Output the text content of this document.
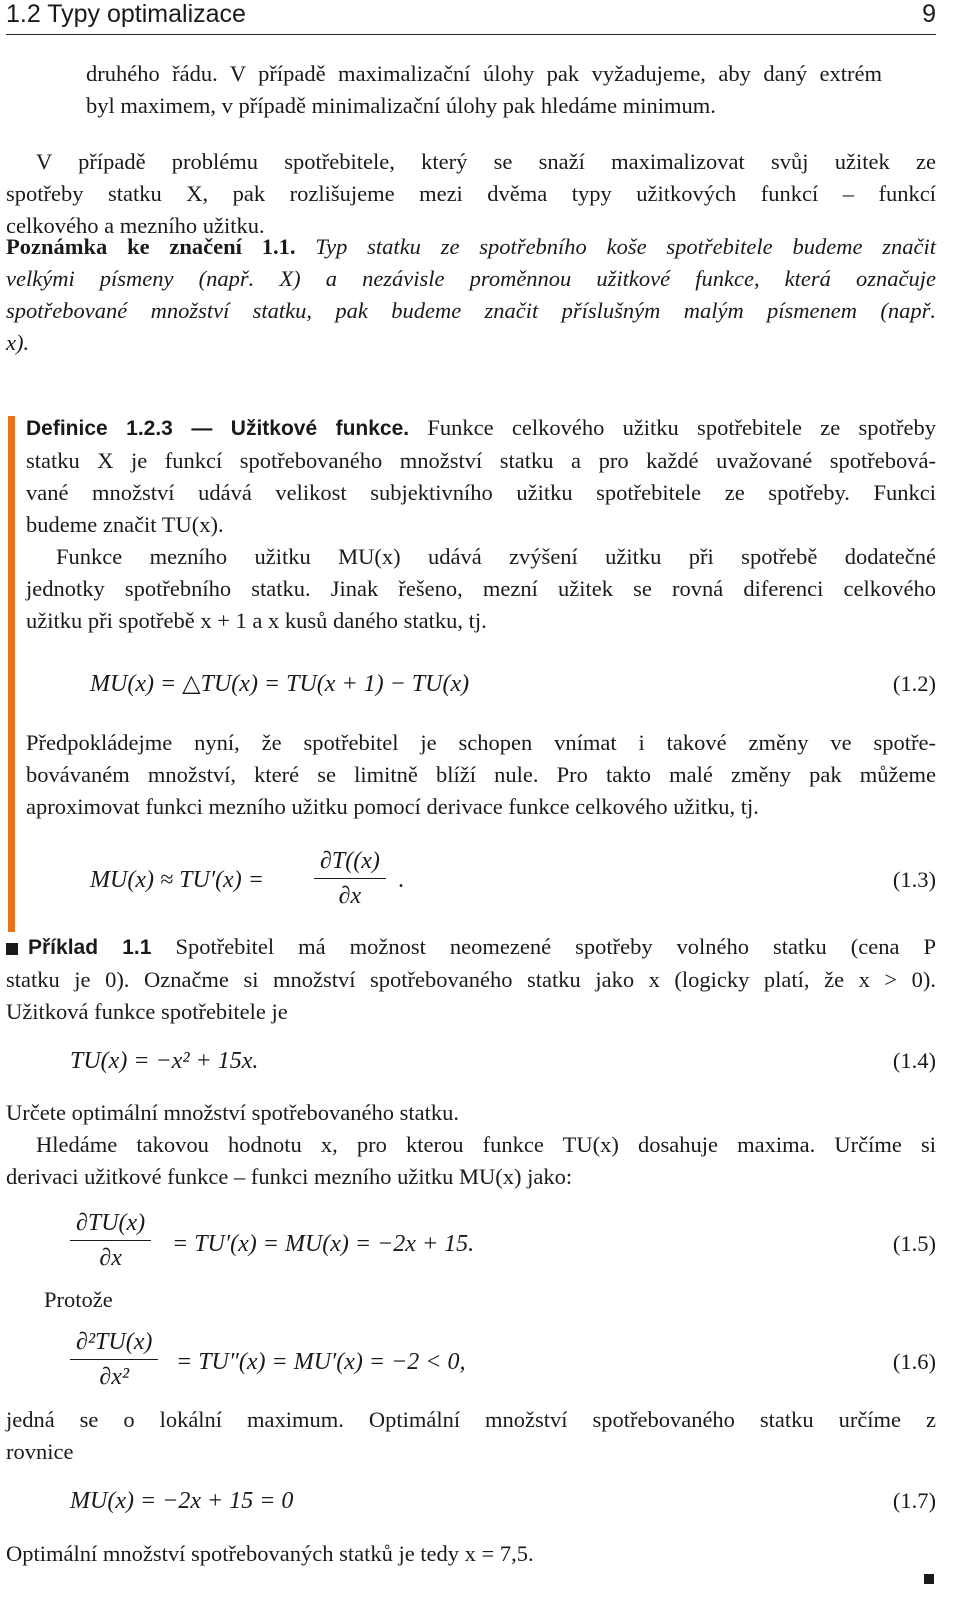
1.2 Typy optimalizace	9
druhého řádu. V případě maximalizační úlohy pak vyžadujeme, aby daný extrém
byl maximem, v případě minimalizační úlohy pak hledáme minimum.
V případě problému spotřebitele, který se snaží maximalizovat svůj užitek ze
spotřeby statku X, pak rozlišujeme mezi dvěma typy užitkových funkcí – funkcí
celkového a mezního užitku.
Poznámka ke značení 1.1. Typ statku ze spotřebního koše spotřebitele budeme značit
velkými písmeny (např. X) a nezávisle proměnnou užitkové funkce, která označuje
spotřebované množství statku, pak budeme značit příslušným malým písmenem (např.
x).
Definice 1.2.3 — Užitkové funkce. Funkce celkového užitku spotřebitele ze spotřeby
statku X je funkcí spotřebovaného množství statku a pro každé uvažované spotřebová-
vané množství udává velikost subjektivního užitku spotřebitele ze spotřeby. Funkci
budeme značit TU(x).
Funkce mezního užitku MU(x) udává zvýšení užitku při spotřebě dodatečné
jednotky spotřebního statku. Jinak řešeno, mezní užitek se rovná diferenci celkového
užitku při spotřebě x + 1 a x kusů daného statku, tj.
MU(x) = △TU(x) = TU(x + 1) − TU(x)	(1.2)
Předpokládejme nyní, že spotřebitel je schopen vnímat i takové změny ve spotře-
bovávaném množství, které se limitně blíží nule. Pro takto malé změny pak můžeme
aproximovat funkci mezního užitku pomocí derivace funkce celkového užitku, tj.
$MU(x) \approx TU'(x) = \frac{\partial T((x)}{\partial x}$ .	(1.3)
Příklad 1.1 Spotřebitel má možnost neomezené spotřeby volného statku (cena P
statku je 0). Označme si množství spotřebovaného statku jako x (logicky platí, že x > 0).
Užitková funkce spotřebitele je
TU(x) = −x² + 15x.	(1.4)
Určete optimální množství spotřebovaného statku.
Hledáme takovou hodnotu x, pro kterou funkce TU(x) dosahuje maxima. Určíme si
derivaci užitkové funkce – funkci mezního užitku MU(x) jako:
$\frac{\partial TU(x)}{\partial x} = TU'(x) = MU(x) = -2x + 15$.	(1.5)
Protože
$\frac{\text{∂²TU(x)}}{\text{∂x²}} = TU''(x) = MU'(x) = -2 < 0$,	(1.6)
jedná se o lokální maximum. Optimální množství spotřebovaného statku určíme z
rovnice
MU(x) = −2x + 15 = 0	(1.7)
Optimální množství spotřebovaných statků je tedy x = 7,5.
